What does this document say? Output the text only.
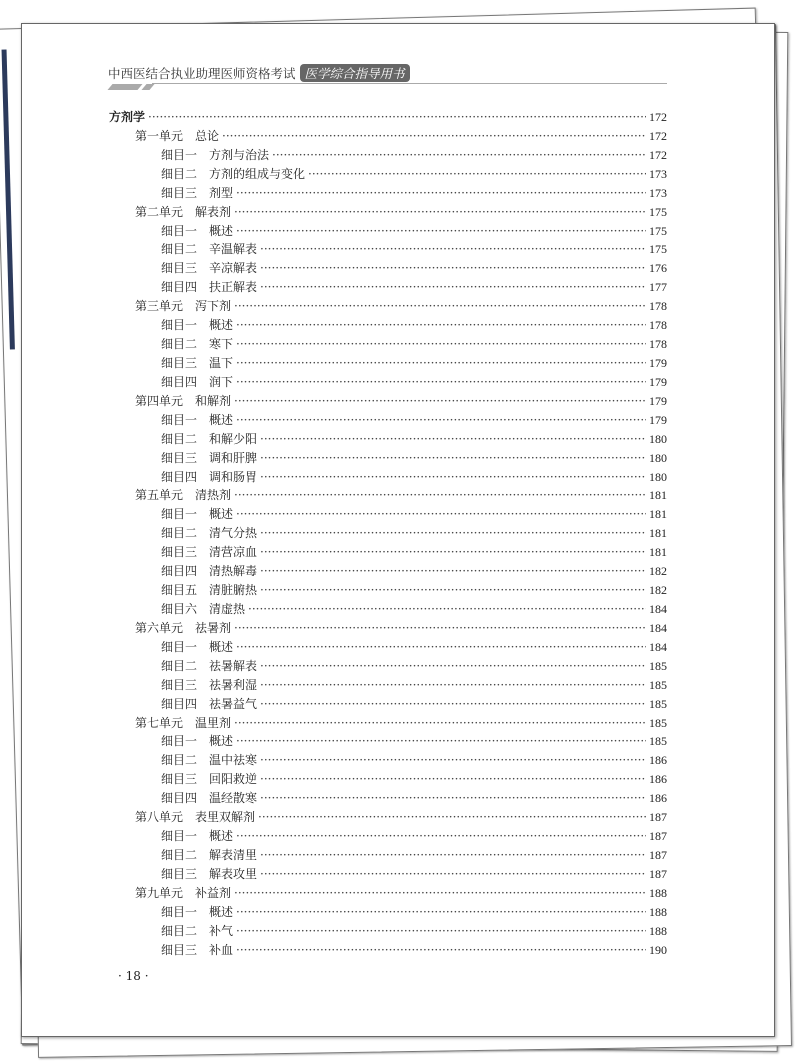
中西医结合执业助理医师资格考试 医学综合指导用书
方剂学 ·····	172
第一单元 总论 ·····	172
细目一 方剂与治法 ·····	172
细目二 方剂的组成与变化 ·····	173
细目三 剂型 ·····	173
第二单元 解表剂 ·····	175
细目一 概述 ·····	175
细目二 辛温解表 ·····	175
细目三 辛凉解表 ·····	176
细目四 扶正解表 ·····	177
第三单元 泻下剂 ·····	178
细目一 概述 ·····	178
细目二 寒下 ·····	178
细目三 温下 ·····	179
细目四 润下 ·····	179
第四单元 和解剂 ·····	179
细目一 概述 ·····	179
细目二 和解少阳 ·····	180
细目三 调和肝脾 ·····	180
细目四 调和肠胃 ·····	180
第五单元 清热剂 ·····	181
细目一 概述 ·····	181
细目二 清气分热 ·····	181
细目三 清营凉血 ·····	181
细目四 清热解毒 ·····	182
细目五 清脏腑热 ·····	182
细目六 清虚热 ·····	184
第六单元 祛暑剂 ·····	184
细目一 概述 ·····	184
细目二 祛暑解表 ·····	185
细目三 祛暑利湿 ·····	185
细目四 祛暑益气 ·····	185
第七单元 温里剂 ·····	185
细目一 概述 ·····	185
细目二 温中祛寒 ·····	186
细目三 回阳救逆 ·····	186
细目四 温经散寒 ·····	186
第八单元 表里双解剂 ·····	187
细目一 概述 ·····	187
细目二 解表清里 ·····	187
细目三 解表攻里 ·····	187
第九单元 补益剂 ·····	188
细目一 概述 ·····	188
细目二 补气 ·····	188
细目三 补血 ·····	190
· 18 ·
